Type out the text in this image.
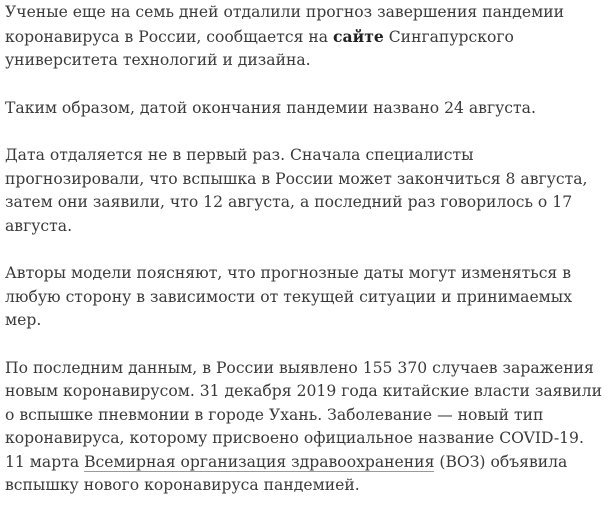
Ученые еще на семь дней отдалили прогноз завершения пандемии коронавируса в России, сообщается на сайте Сингапурского университета технологий и дизайна.

Таким образом, датой окончания пандемии названо 24 августа.

Дата отдаляется не в первый раз. Сначала специалисты прогнозировали, что вспышка в России может закончиться 8 августа, затем они заявили, что 12 августа, а последний раз говорилось о 17 августа.

Авторы модели поясняют, что прогнозные даты могут изменяться в любую сторону в зависимости от текущей ситуации и принимаемых мер.

По последним данным, в России выявлено 155 370 случаев заражения новым коронавирусом. 31 декабря 2019 года китайские власти заявили о вспышке пневмонии в городе Ухань. Заболевание — новый тип коронавируса, которому присвоено официальное название COVID-19. 11 марта Всемирная организация здравоохранения (ВОЗ) объявила вспышку нового коронавируса пандемией.
